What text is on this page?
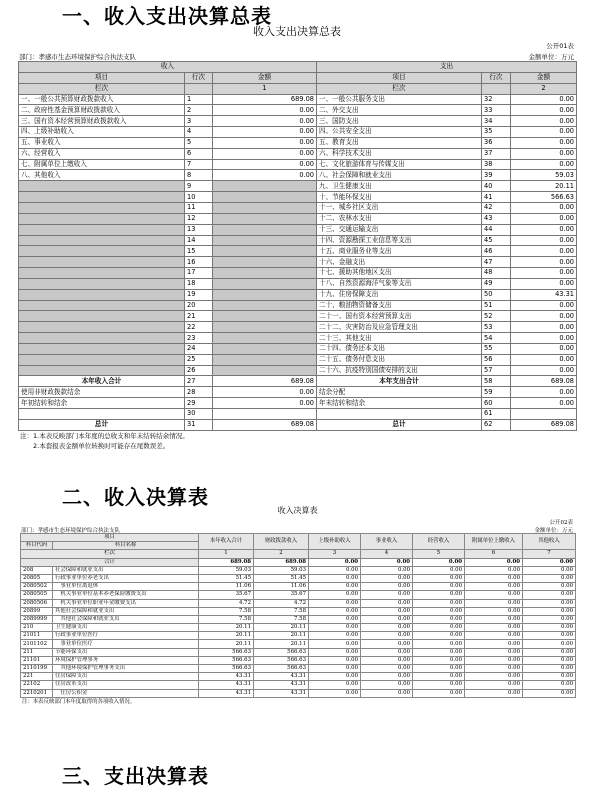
一、收入支出决算总表
收入支出决算总表
公开01表
部门：孝感市生态环境保护综合执法支队	金额单位：万元
收入			支出		
项目	行次	金额	项目	行次	金额
栏次		1	栏次		2
一、一般公共预算财政拨款收入	1	689.08	一、一般公共服务支出	32	0.00
二、政府性基金预算财政拨款收入	2	0.00	二、外交支出	33	0.00
三、国有资本经营预算财政拨款收入	3	0.00	三、国防支出	34	0.00
四、上级补助收入	4	0.00	四、公共安全支出	35	0.00
五、事业收入	5	0.00	五、教育支出	36	0.00
六、经营收入	6	0.00	六、科学技术支出	37	0.00
七、附属单位上缴收入	7	0.00	七、文化旅游体育与传媒支出	38	0.00
八、其他收入	8	0.00	八、社会保障和就业支出	39	59.03
	9		九、卫生健康支出	40	20.11
	10		十、节能环保支出	41	566.63
	11		十一、城乡社区支出	42	0.00
	12		十二、农林水支出	43	0.00
	13		十三、交通运输支出	44	0.00
	14		十四、资源勘探工业信息等支出	45	0.00
	15		十五、商业服务业等支出	46	0.00
	16		十六、金融支出	47	0.00
	17		十七、援助其他地区支出	48	0.00
	18		十八、自然资源海洋气象等支出	49	0.00
	19		十九、住房保障支出	50	43.31
	20		二十、粮油物资储备支出	51	0.00
	21		二十一、国有资本经营预算支出	52	0.00
	22		二十二、灾害防治及应急管理支出	53	0.00
	23		二十三、其他支出	54	0.00
	24		二十四、债务还本支出	55	0.00
	25		二十五、债务付息支出	56	0.00
	26		二十六、抗疫特别国债安排的支出	57	0.00
本年收入合计	27	689.08	本年支出合计	58	689.08
使用非财政拨款结余	28	0.00	结余分配	59	0.00
年初结转和结余	29	0.00	年末结转和结余	60	0.00
	30			61	
总计	31	689.08	总计	62	689.08
注：1.本表反映部门本年度的总收支和年末结转结余情况。
　　2.本套报表金额单位转换时可能存在尾数误差。
二、收入决算表
收入决算表
公开02表
部门：孝感市生态环境保护综合执法支队	金额单位：万元
项目		本年收入合计	财政拨款收入	上级补助收入	事业收入	经营收入	附属单位上缴收入	其他收入
科目代码	科目名称							

栏次		1	2	3	4	5	6	7
合计		689.08	689.08	0.00	0.00	0.00	0.00	0.00
208	社会保障和就业支出	59.03	59.03	0.00	0.00	0.00	0.00	0.00
20805	行政事业单位养老支出	51.45	51.45	0.00	0.00	0.00	0.00	0.00
2080502	　事业单位离退休	11.06	11.06	0.00	0.00	0.00	0.00	0.00
2080505	　机关事业单位基本养老保险缴费支出	35.67	35.67	0.00	0.00	0.00	0.00	0.00
2080506	　机关事业单位职业年金缴费支出	4.72	4.72	0.00	0.00	0.00	0.00	0.00
20899	其他社会保障和就业支出	7.58	7.58	0.00	0.00	0.00	0.00	0.00
2089999	　其他社会保障和就业支出	7.58	7.58	0.00	0.00	0.00	0.00	0.00
210	卫生健康支出	20.11	20.11	0.00	0.00	0.00	0.00	0.00
21011	行政事业单位医疗	20.11	20.11	0.00	0.00	0.00	0.00	0.00
2101102	　事业单位医疗	20.11	20.11	0.00	0.00	0.00	0.00	0.00
211	节能环保支出	566.63	566.63	0.00	0.00	0.00	0.00	0.00
21101	环境保护管理事务	566.63	566.63	0.00	0.00	0.00	0.00	0.00
2110199	　其他环境保护管理事务支出	566.63	566.63	0.00	0.00	0.00	0.00	0.00
221	住房保障支出	43.31	43.31	0.00	0.00	0.00	0.00	0.00
22102	住房改革支出	43.31	43.31	0.00	0.00	0.00	0.00	0.00
2210201	　住房公积金	43.31	43.31	0.00	0.00	0.00	0.00	0.00
注：本表反映部门本年度取得的各项收入情况。
三、支出决算表
